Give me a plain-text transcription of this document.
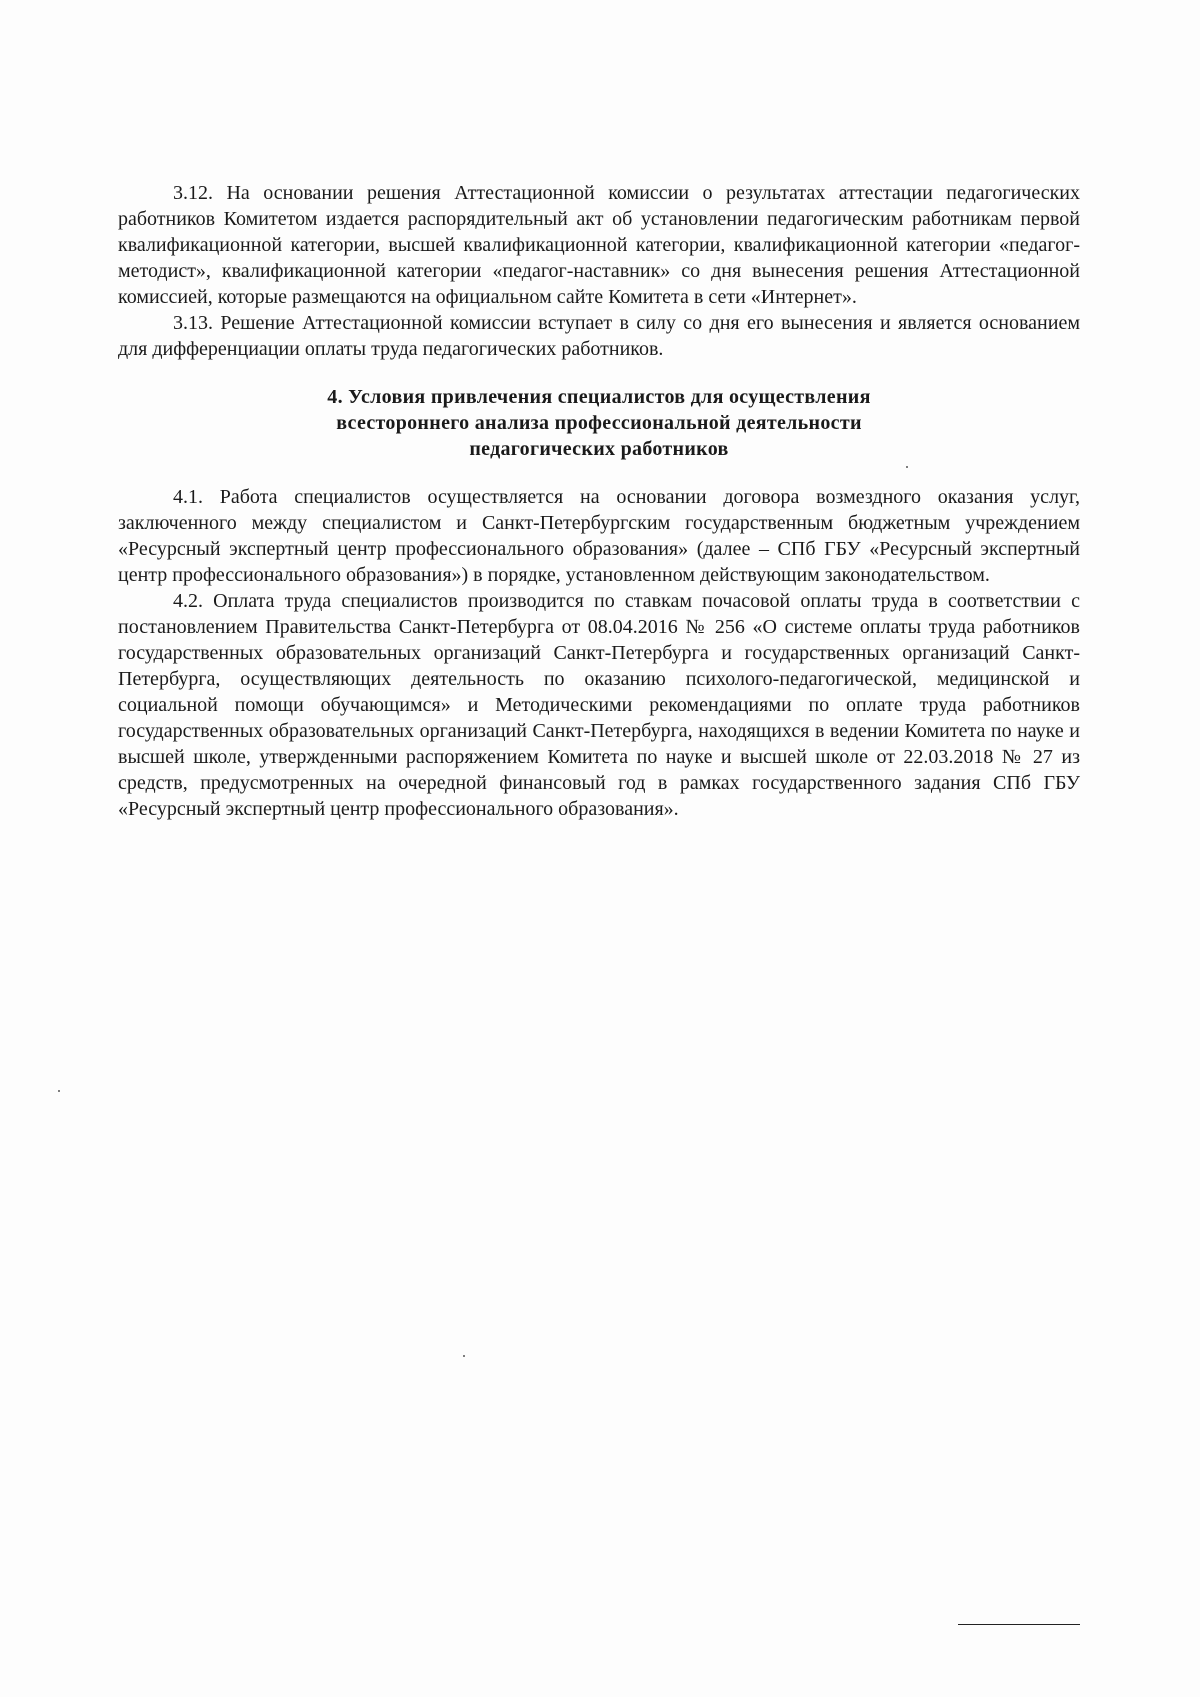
3.12. На основании решения Аттестационной комиссии о результатах аттестации педагогических работников Комитетом издается распорядительный акт об установлении педагогическим работникам первой квалификационной категории, высшей квалификационной категории, квалификационной категории «педагог-методист», квалификационной категории «педагог-наставник» со дня вынесения решения Аттестационной комиссией, которые размещаются на официальном сайте Комитета в сети «Интернет».

3.13. Решение Аттестационной комиссии вступает в силу со дня его вынесения и является основанием для дифференциации оплаты труда педагогических работников.

4. Условия привлечения специалистов для осуществления
всестороннего анализа профессиональной деятельности
педагогических работников

4.1. Работа специалистов осуществляется на основании договора возмездного оказания услуг, заключенного между специалистом и Санкт-Петербургским государственным бюджетным учреждением «Ресурсный экспертный центр профессионального образования» (далее – СПб ГБУ «Ресурсный экспертный центр профессионального образования») в порядке, установленном действующим законодательством.

4.2. Оплата труда специалистов производится по ставкам почасовой оплаты труда в соответствии с постановлением Правительства Санкт-Петербурга от 08.04.2016 № 256 «О системе оплаты труда работников государственных образовательных организаций Санкт-Петербурга и государственных организаций Санкт-Петербурга, осуществляющих деятельность по оказанию психолого-педагогической, медицинской и социальной помощи обучающимся» и Методическими рекомендациями по оплате труда работников государственных образовательных организаций Санкт-Петербурга, находящихся в ведении Комитета по науке и высшей школе, утвержденными распоряжением Комитета по науке и высшей школе от 22.03.2018 № 27 из средств, предусмотренных на очередной финансовый год в рамках государственного задания СПб ГБУ «Ресурсный экспертный центр профессионального образования».
